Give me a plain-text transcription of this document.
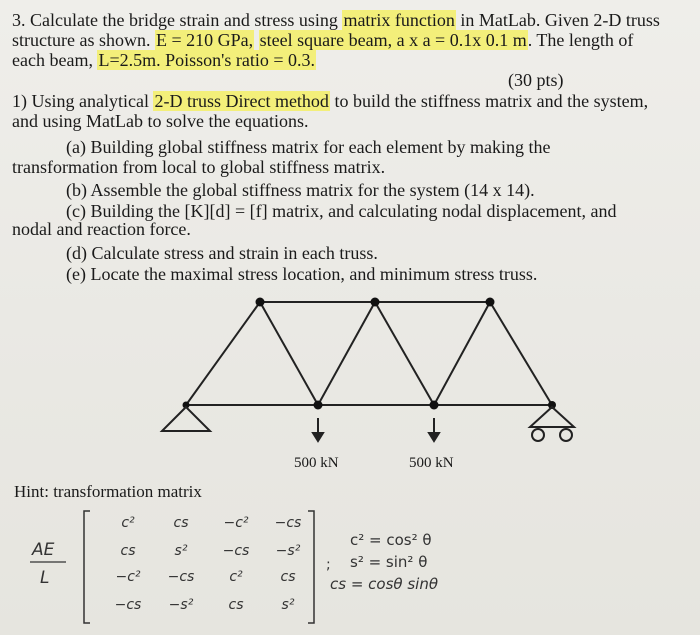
3. Calculate the bridge strain and stress using matrix function in MatLab. Given 2-D truss
structure as shown. E = 210 GPa, steel square beam, a x a = 0.1x 0.1 m. The length of
each beam, L=2.5m. Poisson's ratio = 0.3.
(30 pts)
1) Using analytical 2-D truss Direct method to build the stiffness matrix and the system,
and using MatLab to solve the equations.
(a) Building global stiffness matrix for each element by making the
transformation from local to global stiffness matrix.
(b) Assemble the global stiffness matrix for the system (14 x 14).
(c) Building the [K][d] = [f] matrix, and calculating nodal displacement, and
nodal and reaction force.
(d) Calculate stress and strain in each truss.
(e) Locate the maximal stress location, and minimum stress truss.
500 kN	500 kN
Hint: transformation matrix
AE
L
c²	cs −c² −cs
cs	s²	−cs −s²
−c² −cs c²	cs
−cs −s²	cs	s²
;
c² = cos² θ
s² = sin² θ
cs = cosθ sinθ
